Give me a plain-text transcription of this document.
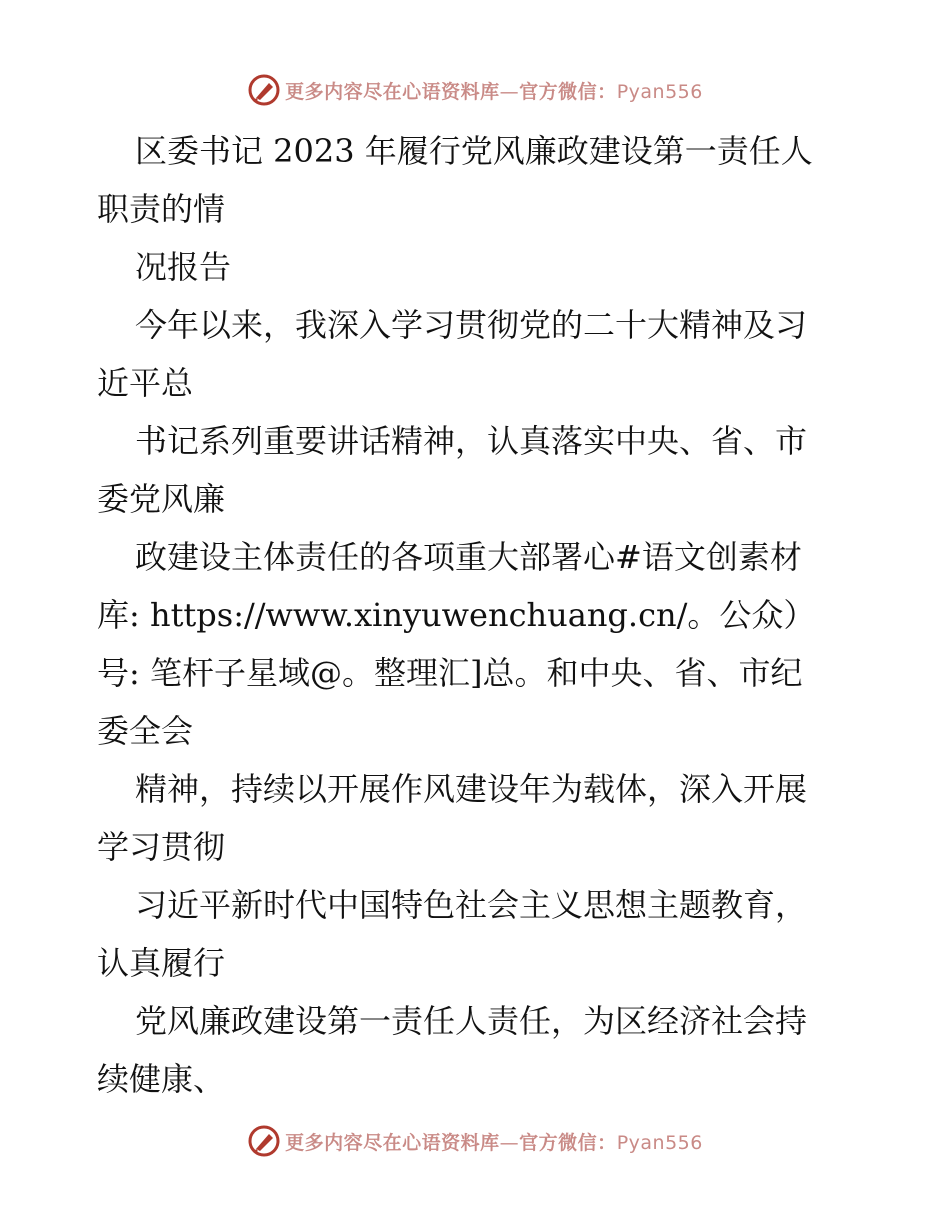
更多内容尽在心语资料库—官方微信：Pyan556
区委书记 2023 年履行党风廉政建设第一责任人
职责的情
况报告
今年以来，我深入学习贯彻党的二十大精神及习
近平总
书记系列重要讲话精神，认真落实中央、省、市
委党风廉
政建设主体责任的各项重大部署心#语文创素材
库: https://www.xinyuwenchuang.cn/。公众）
号: 笔杆子星域@。整理汇]总。和中央、省、市纪
委全会
精神，持续以开展作风建设年为载体，深入开展
学习贯彻
习近平新时代中国特色社会主义思想主题教育，
认真履行
党风廉政建设第一责任人责任，为区经济社会持
续健康、
更多内容尽在心语资料库—官方微信：Pyan556
